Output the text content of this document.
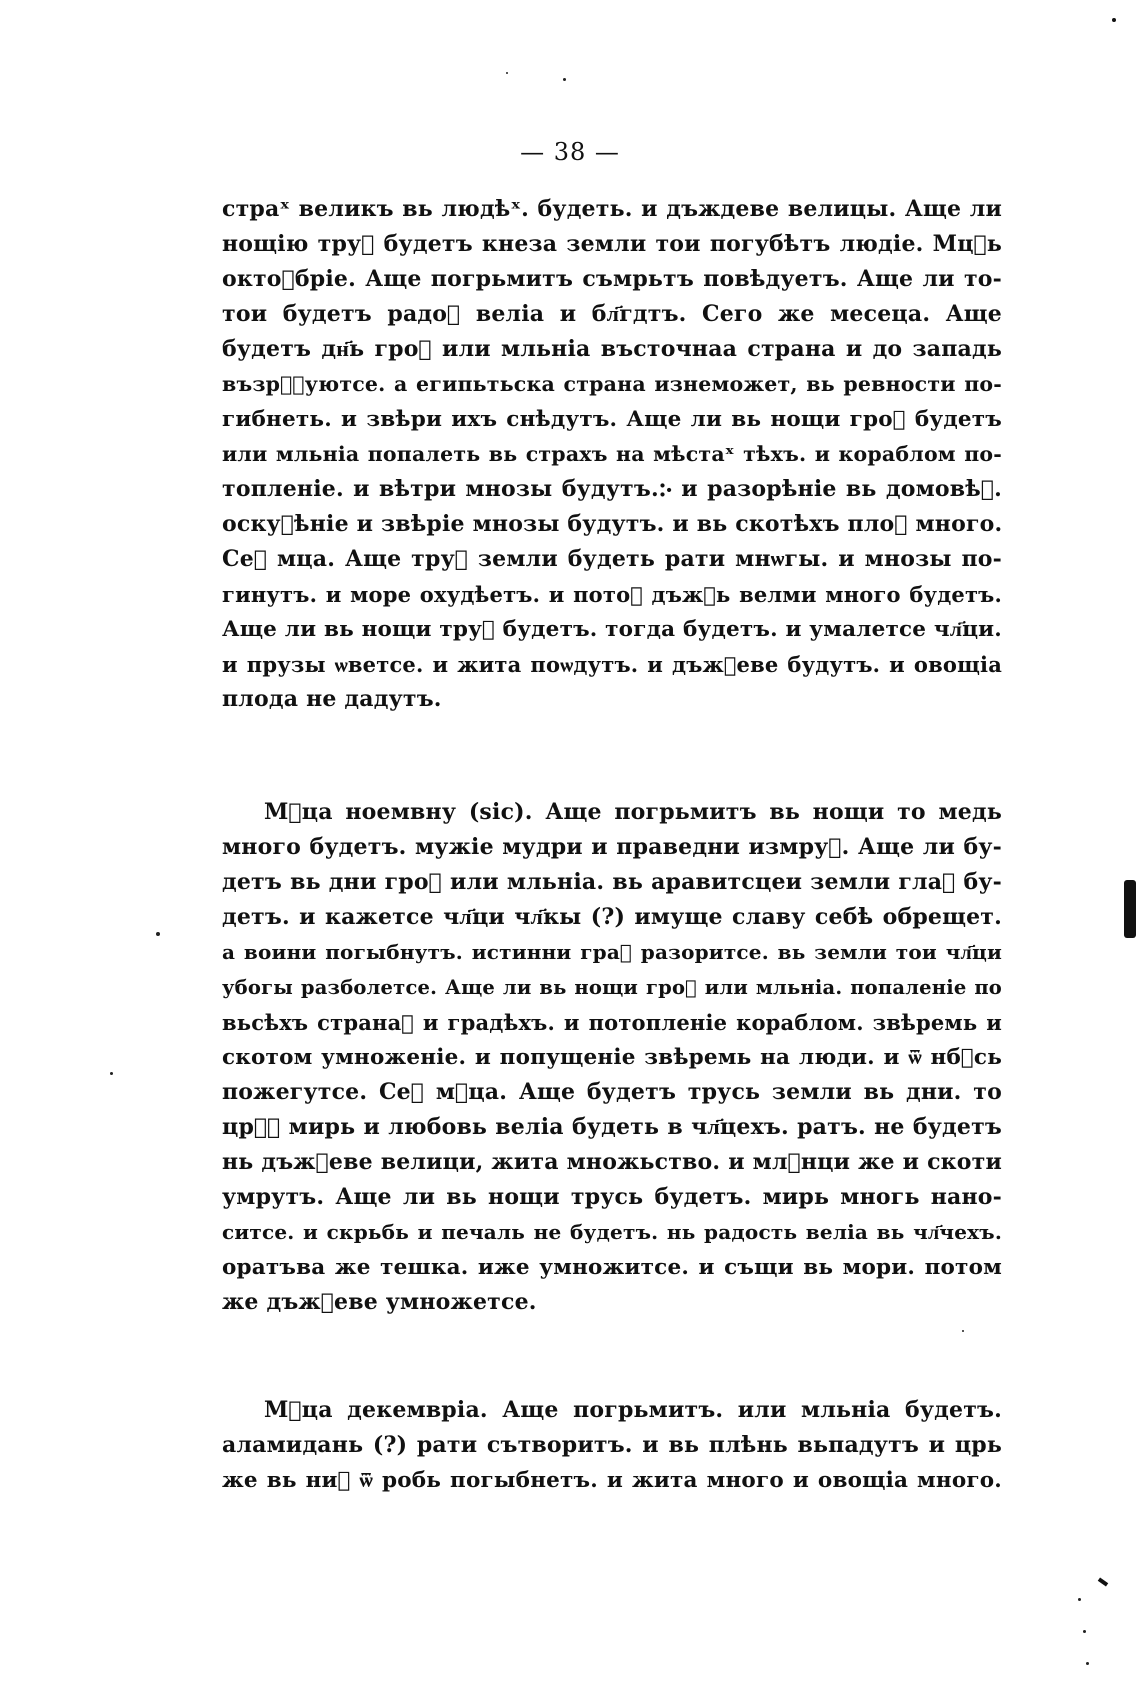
— 38 —
страˣ великъ вь людѣˣ. будеть. и дъждеве велицы. Аще ли
нощію труⷭ будетъ кнеза земли тои погубѣтъ людіе. Мцⷭь
октоⷨбріе. Аще погрьмитъ съмрьтъ повѣдуетъ. Аще ли то-
тои будетъ радоⷭ веліа и бл҃гдтъ. Сего же месеца. Аще
будетъ дн҃ь гроⷨ или мльніа въсточнаа страна и до западь
възрⷪ҇уютсе. а египьтьска страна изнеможет, вь ревности по-
гибнеть. и звѣри ихъ снѣдутъ. Аще ли вь нощи гроⷨ будетъ
или мльніа попалеть вь страхъ на мѣстаˣ тѣхъ. и кораблом по-
топленіе. и вѣтри мнозы будутъ.჻ и разорѣніе вь домовѣⷨ.
оскуⷣѣніе и звѣріе мнозы будутъ. и вь скотѣхъ плоⷣ много.
Сеⷢ мца. Аще труⷭ земли будеть рати мнѡгы. и мнозы по-
гинутъ. и море охудѣетъ. и потоⷨ дъжⷣь велми много будетъ.
Аще ли вь нощи труⷭ будетъ. тогда будетъ. и умалетсе чл҃ци.
и прузы ѡветсе. и жита поѡдутъ. и дъжⷣеве будутъ. и овощіа
плода не дадутъ.
Мⷭца ноемвну (sic). Аще погрьмитъ вь нощи то медь
много будетъ. мужіе мудри и праведни измруⷮ. Аще ли бу-
детъ вь дни гроⷨ или мльніа. вь аравитсцеи земли глаⷣ бу-
детъ. и кажетсе чл҃ци чл҃кы (?) имуще славу себѣ обрещет.
а воини погыбнутъ. истинни граⷣ разоритсе. вь земли тои чл҃ци
убогы разболетсе. Аще ли вь нощи гроⷨ или мльніа. попаленіе по
вьсѣхъ странаⷨ и градѣхъ. и потопленіе кораблом. звѣремь и
скотом умноженіе. и попущеніе звѣремь на люди. и ѿ нбⷭсь
пожегутсе. Сеⷢ мⷭца. Аще будетъ трусь земли вь дни. то
црⷭ҇ мирь и любовь веліа будеть в чл҃цехъ. ратъ. не будетъ
нь дъжⷣеве велици, жита множьство. и млⷣнци же и скоти
умрутъ. Аще ли вь нощи трусь будетъ. мирь многь нано-
ситсе. и скрьбь и печаль не будетъ. нь радость веліа вь чл҃чехъ.
оратъва же тешка. иже умножитсе. и същи вь мори. потом
же дъжⷣеве умножетсе.
Мⷭца декемвріа. Аще погрьмитъ. или мльніа будетъ.
аламидань (?) рати сътворитъ. и вь плѣнь вьпадутъ и црь
же вь ниⷯ ѿ робь погыбнетъ. и жита много и овощіа много.
